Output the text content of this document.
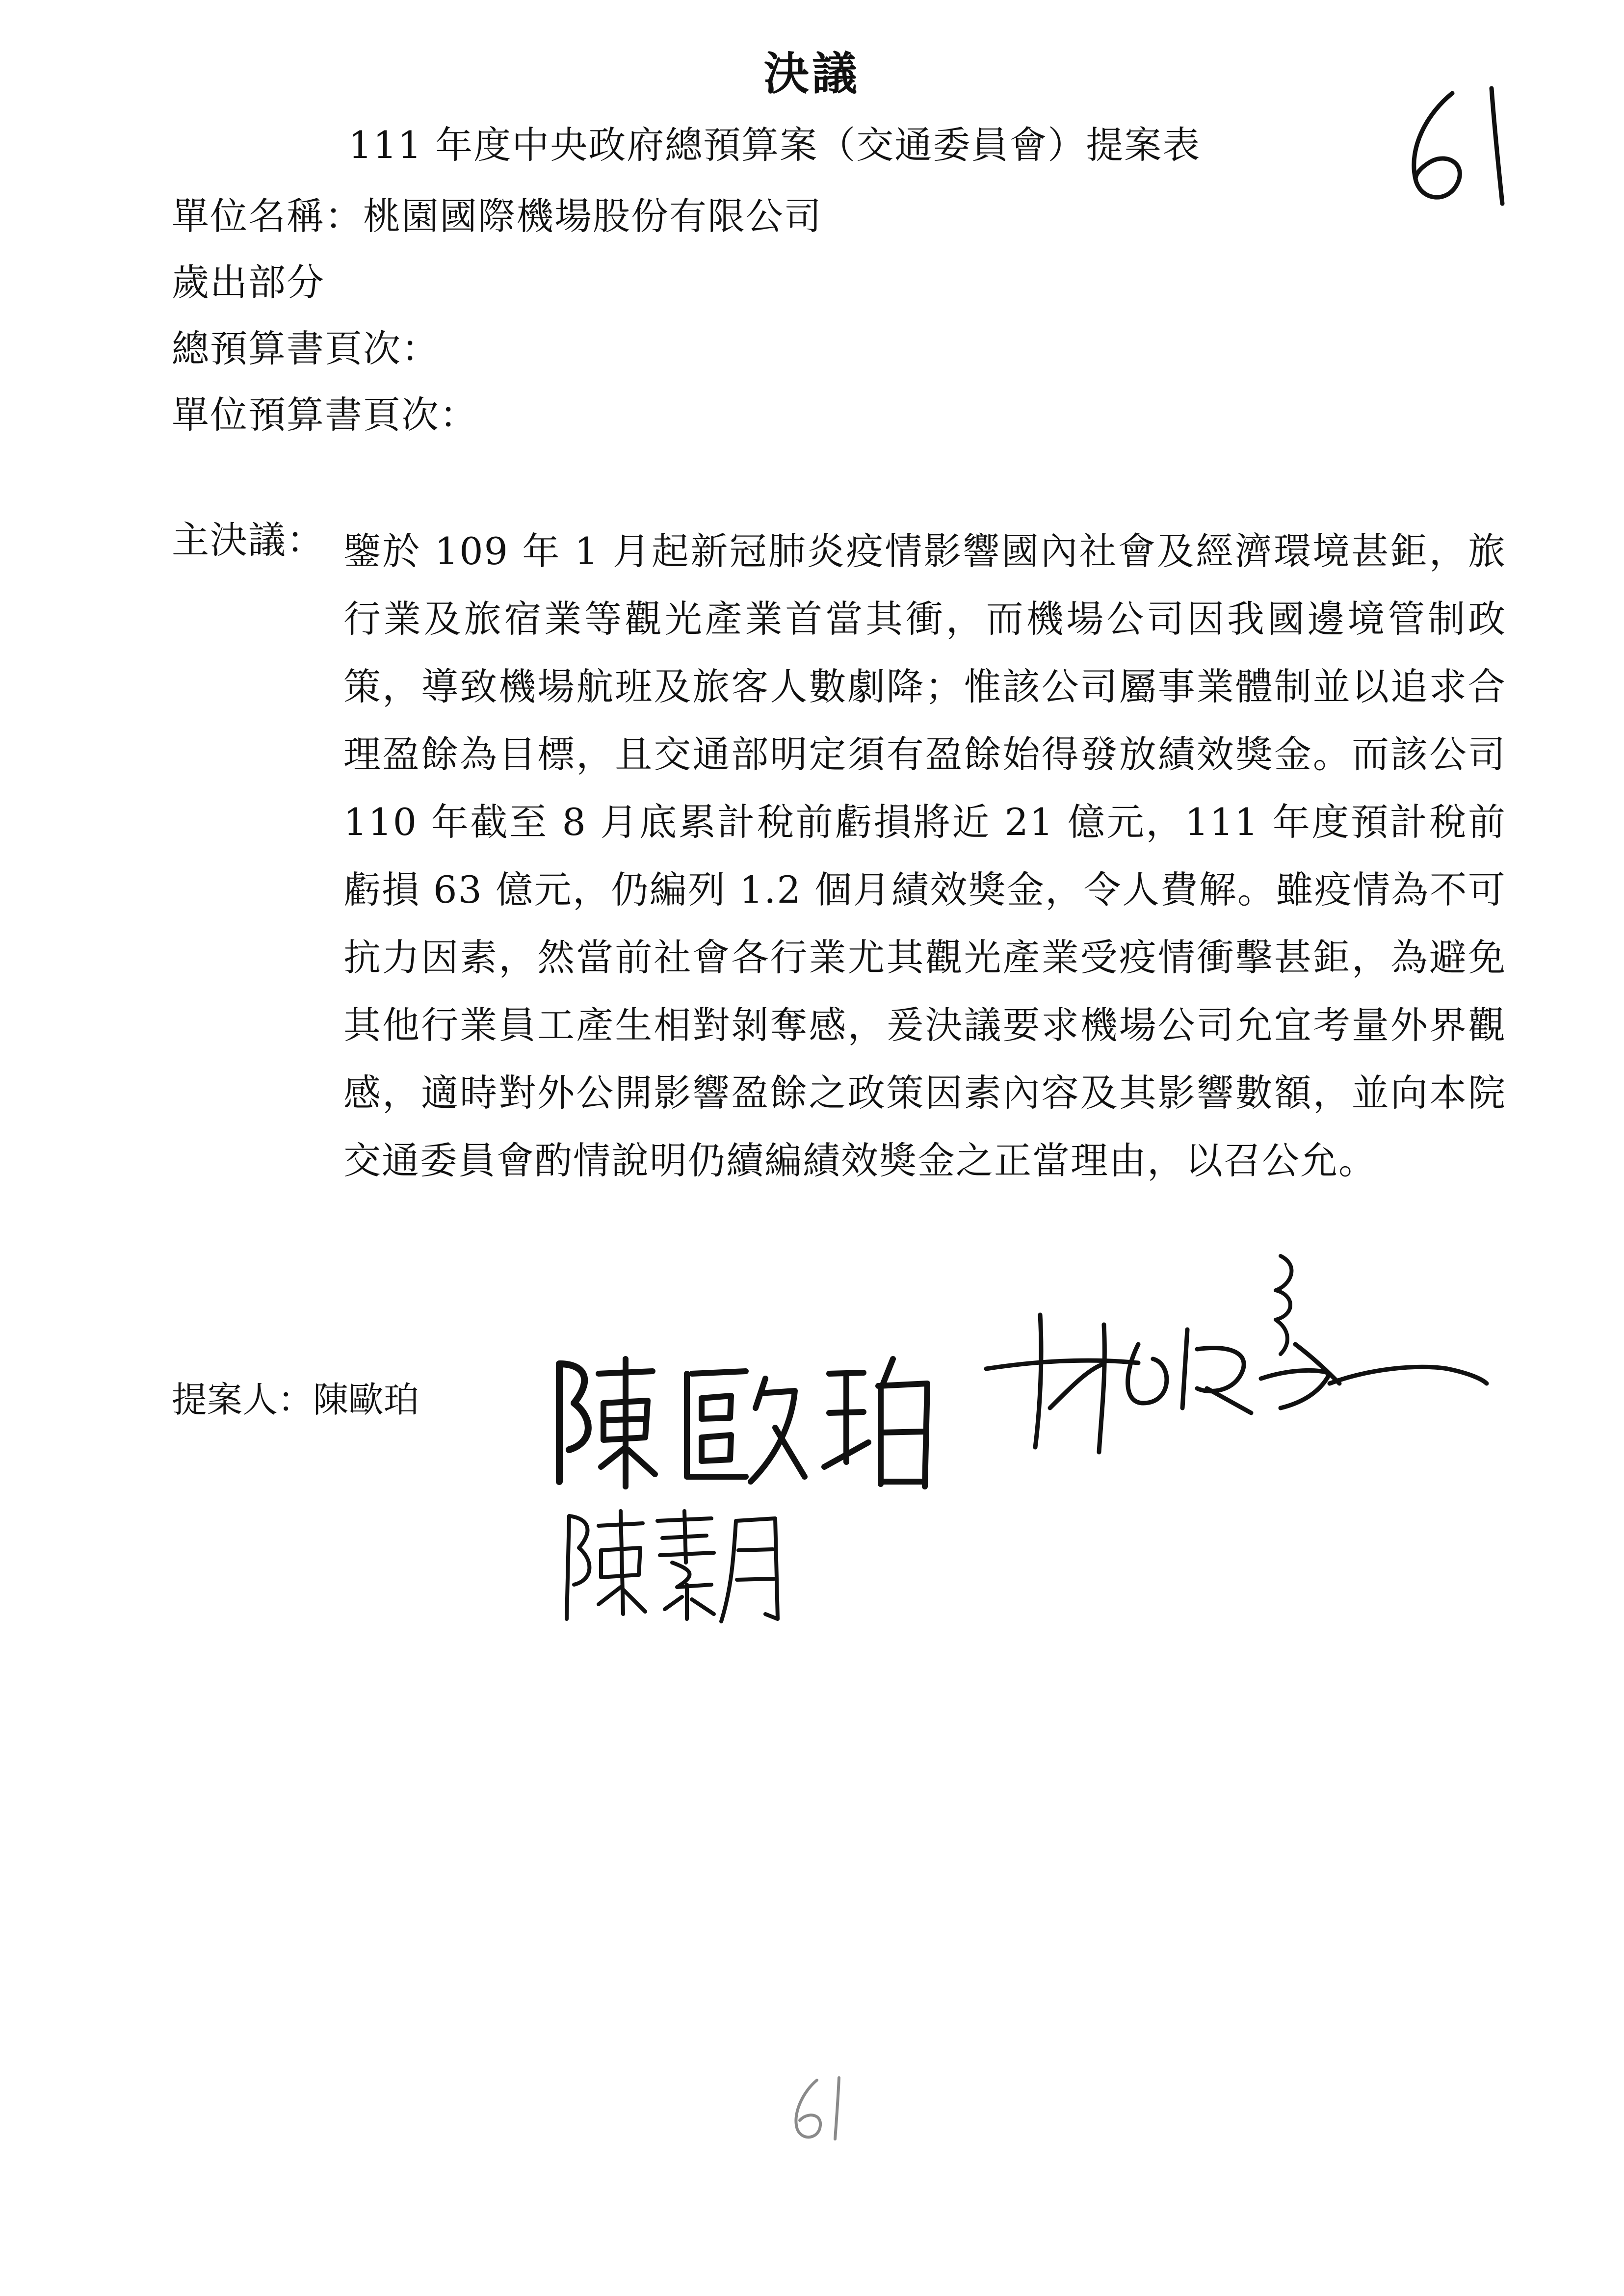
決議
111 年度中央政府總預算案（交通委員會）提案表
單位名稱：桃園國際機場股份有限公司
歲出部分
總預算書頁次：
單位預算書頁次：
主決議： 鑒於 109 年 1 月起新冠肺炎疫情影響國內社會及經濟環境甚鉅，旅行業及旅宿業等觀光產業首當其衝，而機場公司因我國邊境管制政策，導致機場航班及旅客人數劇降；惟該公司屬事業體制並以追求合理盈餘為目標，且交通部明定須有盈餘始得發放績效獎金。而該公司 110 年截至 8 月底累計稅前虧損將近 21 億元，111 年度預計稅前虧損 63 億元，仍編列 1.2 個月績效獎金，令人費解。雖疫情為不可抗力因素，然當前社會各行業尤其觀光產業受疫情衝擊甚鉅，為避免其他行業員工產生相對剝奪感，爰決議要求機場公司允宜考量外界觀感，適時對外公開影響盈餘之政策因素內容及其影響數額，並向本院交通委員會酌情說明仍續編績效獎金之正當理由，以召公允。
提案人：陳歐珀
